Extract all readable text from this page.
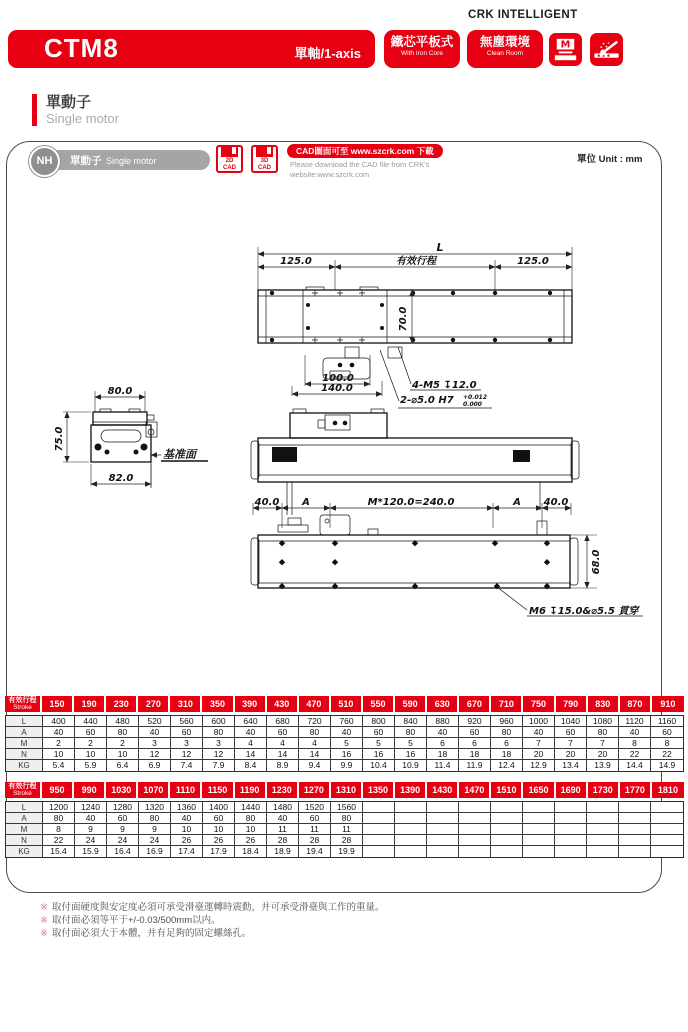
CRK INTELLIGENT
CTM8	單軸/1-axis
鐵芯平板式
With Iron Core
無塵環境
Clean Room
M
單動子
Single motor
單動子 Single motor
NH	2D
CAD
3D
CAD
CAD圖面可至 www.szcrk.com 下載
Please download the CAD file from CRK's
website:www.szcrk.com
單位 Unit : mm
L
125.0	有效行程	125.0
70.0
100.0
140.0	4-M5 ↧12.0
2-⌀5.0 H7 +0.012
0.000
80.0
75.0
82.0
基准面
40.0 A	M*120.0=240.0	A 40.0
68.0
M6 ↧15.0&⌀5.5 貫穿
有效行程
Stroke	150	190	230	270	310	350	390	430	470	510	550	590	630	670	710	750	790	830	870	910
L	400	440	480	520	560	600	640	680	720	760	800	840	880	920	960	1000	1040	1080	1120	1160
A	40	60	80	40	60	80	40	60	80	40	60	80	40	60	80	40	60	80	40	60
M	2	2	2	3	3	3	4	4	4	5	5	5	6	6	6	7	7	7	8	8
N	10	10	10	12	12	12	14	14	14	16	16	16	18	18	18	20	20	20	22	22
KG	5.4	5.9	6.4	6.9	7.4	7.9	8.4	8.9	9.4	9.9	10.4	10.9	11.4	11.9	12.4	12.9	13.4	13.9	14.4	14.9
有效行程
Stroke	950	990	1030	1070	1110	1150	1190	1230	1270	1310	1350	1390	1430	1470	1510	1650	1690	1730	1770	1810
L	1200	1240	1280	1320	1360	1400	1440	1480	1520	1560
A	80	40	60	80	40	60	80	40	60	80
M	8	9	9	9	10	10	10	11	11	11
N	22	24	24	24	26	26	26	28	28	28
KG	15.4	15.9	16.4	16.9	17.4	17.9	18.4	18.9	19.4	19.9
※ 取付面硬度與安定度必須可承受滑臺運轉時震動，并可承受滑臺與工作的重量。
※ 取付面必須等平于+/-0.03/500mm以内。
※ 取付面必須大于本體，并有足夠的固定螺絲孔。
